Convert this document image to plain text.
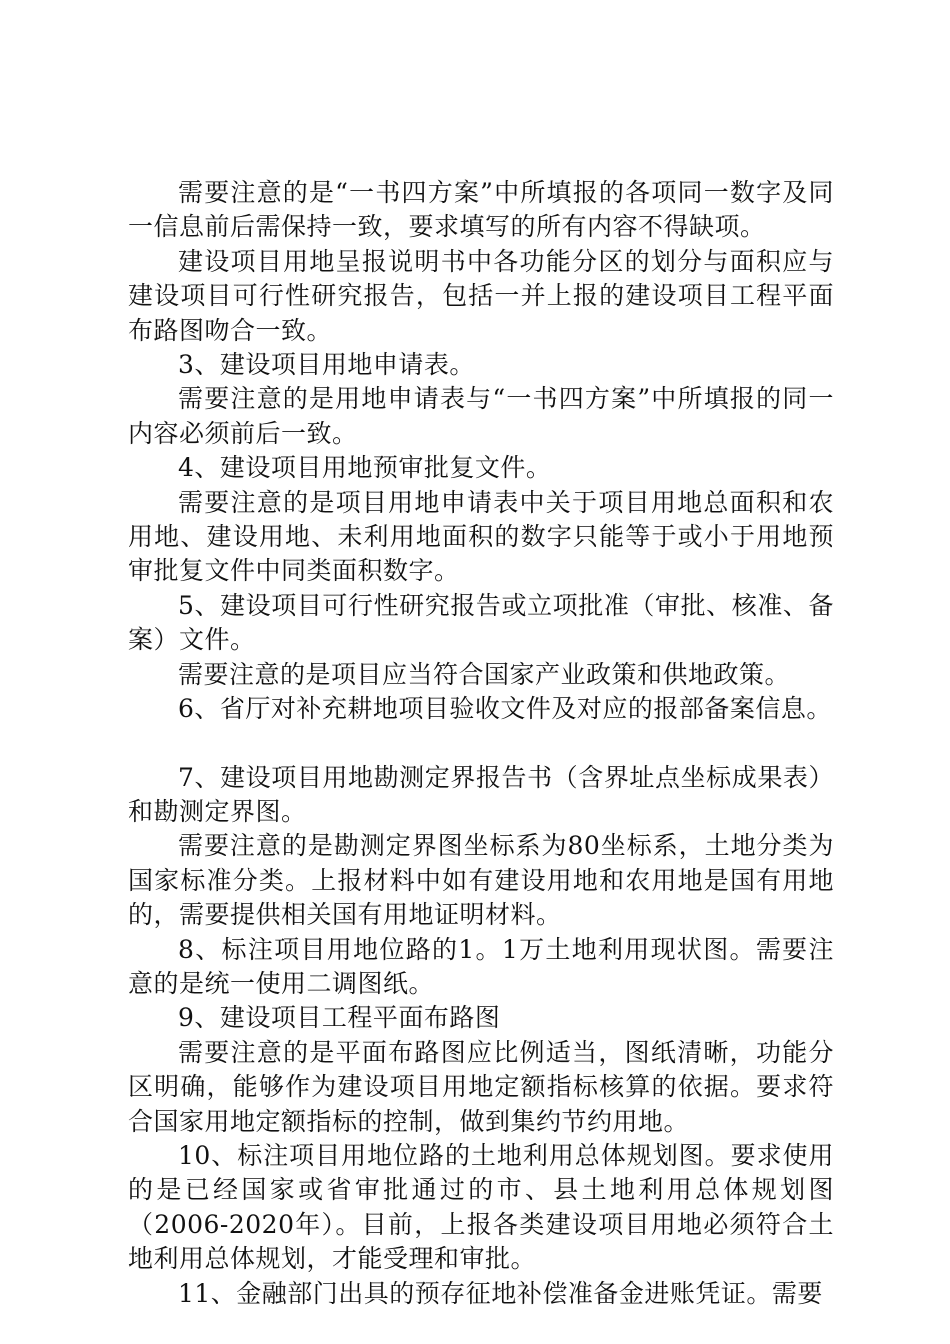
需要注意的是“一书四方案”中所填报的各项同一数字及同一信息前后需保持一致，要求填写的所有内容不得缺项。

建设项目用地呈报说明书中各功能分区的划分与面积应与建设项目可行性研究报告，包括一并上报的建设项目工程平面布路图吻合一致。

3、建设项目用地申请表。

需要注意的是用地申请表与“一书四方案”中所填报的同一内容必须前后一致。

4、建设项目用地预审批复文件。

需要注意的是项目用地申请表中关于项目用地总面积和农用地、建设用地、未利用地面积的数字只能等于或小于用地预审批复文件中同类面积数字。

5、建设项目可行性研究报告或立项批准（审批、核准、备案）文件。

需要注意的是项目应当符合国家产业政策和供地政策。

6、省厅对补充耕地项目验收文件及对应的报部备案信息。

7、建设项目用地勘测定界报告书（含界址点坐标成果表）和勘测定界图。

需要注意的是勘测定界图坐标系为80坐标系，土地分类为国家标准分类。上报材料中如有建设用地和农用地是国有用地的，需要提供相关国有用地证明材料。

8、标注项目用地位路的1。1万土地利用现状图。需要注意的是统一使用二调图纸。

9、建设项目工程平面布路图

需要注意的是平面布路图应比例适当，图纸清晰，功能分区明确，能够作为建设项目用地定额指标核算的依据。要求符合国家用地定额指标的控制，做到集约节约用地。

10、标注项目用地位路的土地利用总体规划图。要求使用的是已经国家或省审批通过的市、县土地利用总体规划图（2006-2020年）。目前，上报各类建设项目用地必须符合土地利用总体规划，才能受理和审批。

11、金融部门出具的预存征地补偿准备金进账凭证。需要
